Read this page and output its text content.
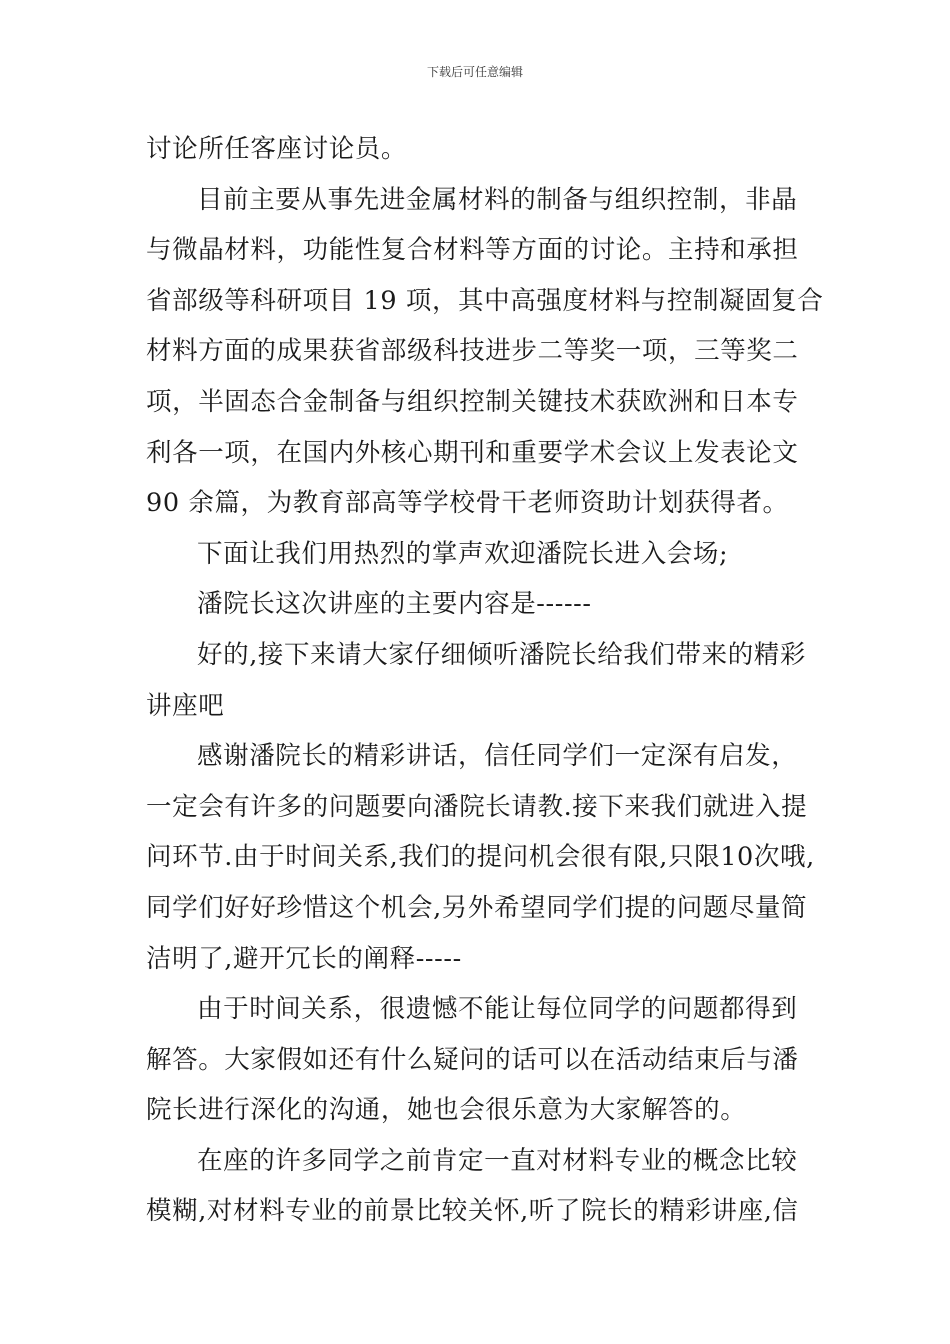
下载后可任意编辑
讨论所任客座讨论员。
目前主要从事先进金属材料的制备与组织控制，非晶
与微晶材料，功能性复合材料等方面的讨论。主持和承担
省部级等科研项目 19 项，其中高强度材料与控制凝固复合
材料方面的成果获省部级科技进步二等奖一项，三等奖二
项，半固态合金制备与组织控制关键技术获欧洲和日本专
利各一项，在国内外核心期刊和重要学术会议上发表论文
90 余篇，为教育部高等学校骨干老师资助计划获得者。
下面让我们用热烈的掌声欢迎潘院长进入会场;
潘院长这次讲座的主要内容是------
好的,接下来请大家仔细倾听潘院长给我们带来的精彩
讲座吧
感谢潘院长的精彩讲话，信任同学们一定深有启发，
一定会有许多的问题要向潘院长请教.接下来我们就进入提
问环节.由于时间关系,我们的提问机会很有限,只限10次哦,
同学们好好珍惜这个机会,另外希望同学们提的问题尽量简
洁明了,避开冗长的阐释-----
由于时间关系，很遗憾不能让每位同学的问题都得到
解答。大家假如还有什么疑问的话可以在活动结束后与潘
院长进行深化的沟通，她也会很乐意为大家解答的。
在座的许多同学之前肯定一直对材料专业的概念比较
模糊,对材料专业的前景比较关怀,听了院长的精彩讲座,信
